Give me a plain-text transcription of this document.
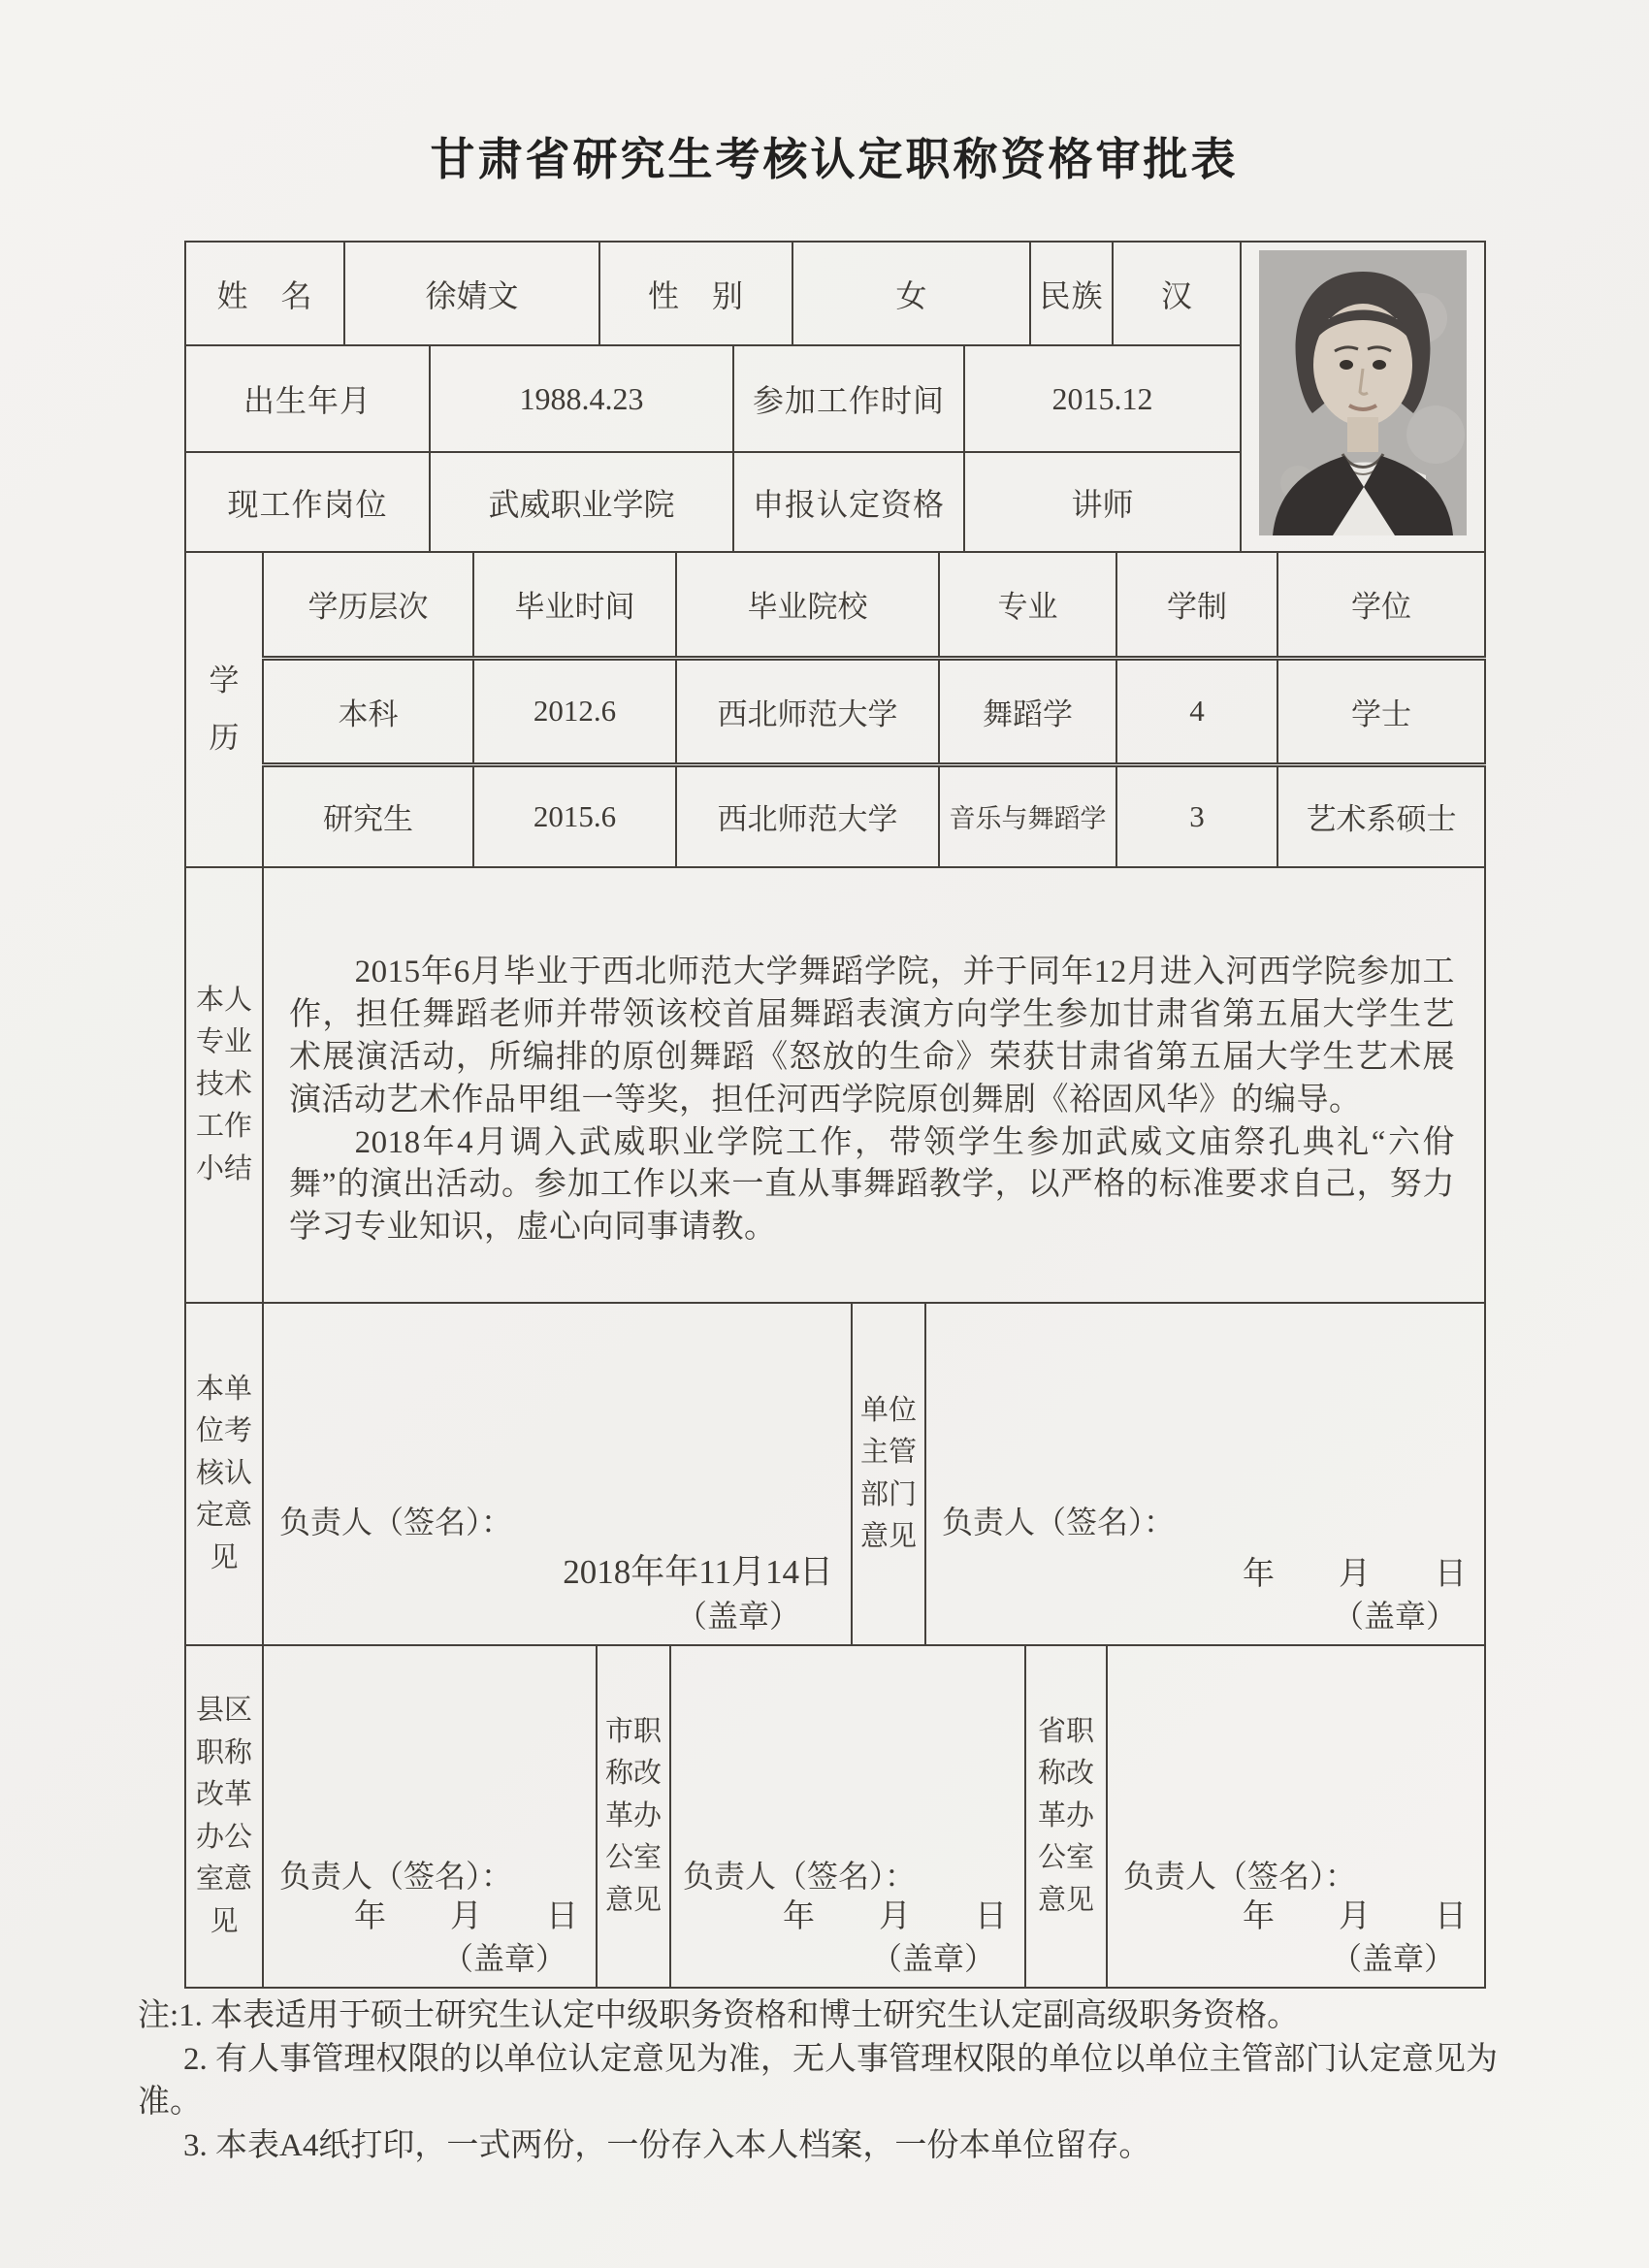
甘肃省研究生考核认定职称资格审批表
姓　名	徐婧文		性　别		女		民族	汉	
出生年月		1988.4.23		参加工作时间		2015.12			
现工作岗位		武威职业学院		申报认定资格		讲师			
学历	学历层次	毕业时间	毕业院校	专业	学制	学位
	本科	2012.6	西北师范大学	舞蹈学	4	学士
	研究生	2015.6	西北师范大学	音乐与舞蹈学	3	艺术系硕士
本人专业技术工作小结	

2015年6月毕业于西北师范大学舞蹈学院，并于同年12月进入河西学院参加工作，担任舞蹈老师并带领该校首届舞蹈表演方向学生参加甘肃省第五届大学生艺术展演活动，所编排的原创舞蹈《怒放的生命》荣获甘肃省第五届大学生艺术展演活动艺术作品甲组一等奖，担任河西学院原创舞剧《裕固风华》的编导。

2018年4月调入武威职业学院工作，带领学生参加武威文庙祭孔典礼“六佾舞”的演出活动。参加工作以来一直从事舞蹈教学，以严格的标准要求自己，努力学习专业知识，虚心向同事请教。

本单位考核认定意见	
负责人（签名）：
2018年年11月14日
（盖章）
	单位主管部门意见	负责人（签名）：
年　　月　　日
（盖章）
县区职称改革办公室意见	
负责人（签名）：
年　　月　　日
（盖章）
	市职称改革办公室意见	
负责人（签名）：
年　　月　　日
（盖章）
	省职称改革办公室意见	
负责人（签名）：
年　　月　　日
（盖章）
注:1. 本表适用于硕士研究生认定中级职务资格和博士研究生认定副高级职务资格。
2. 有人事管理权限的以单位认定意见为准，无人事管理权限的单位以单位主管部门认定意见为准。
3. 本表A4纸打印，一式两份，一份存入本人档案，一份本单位留存。
